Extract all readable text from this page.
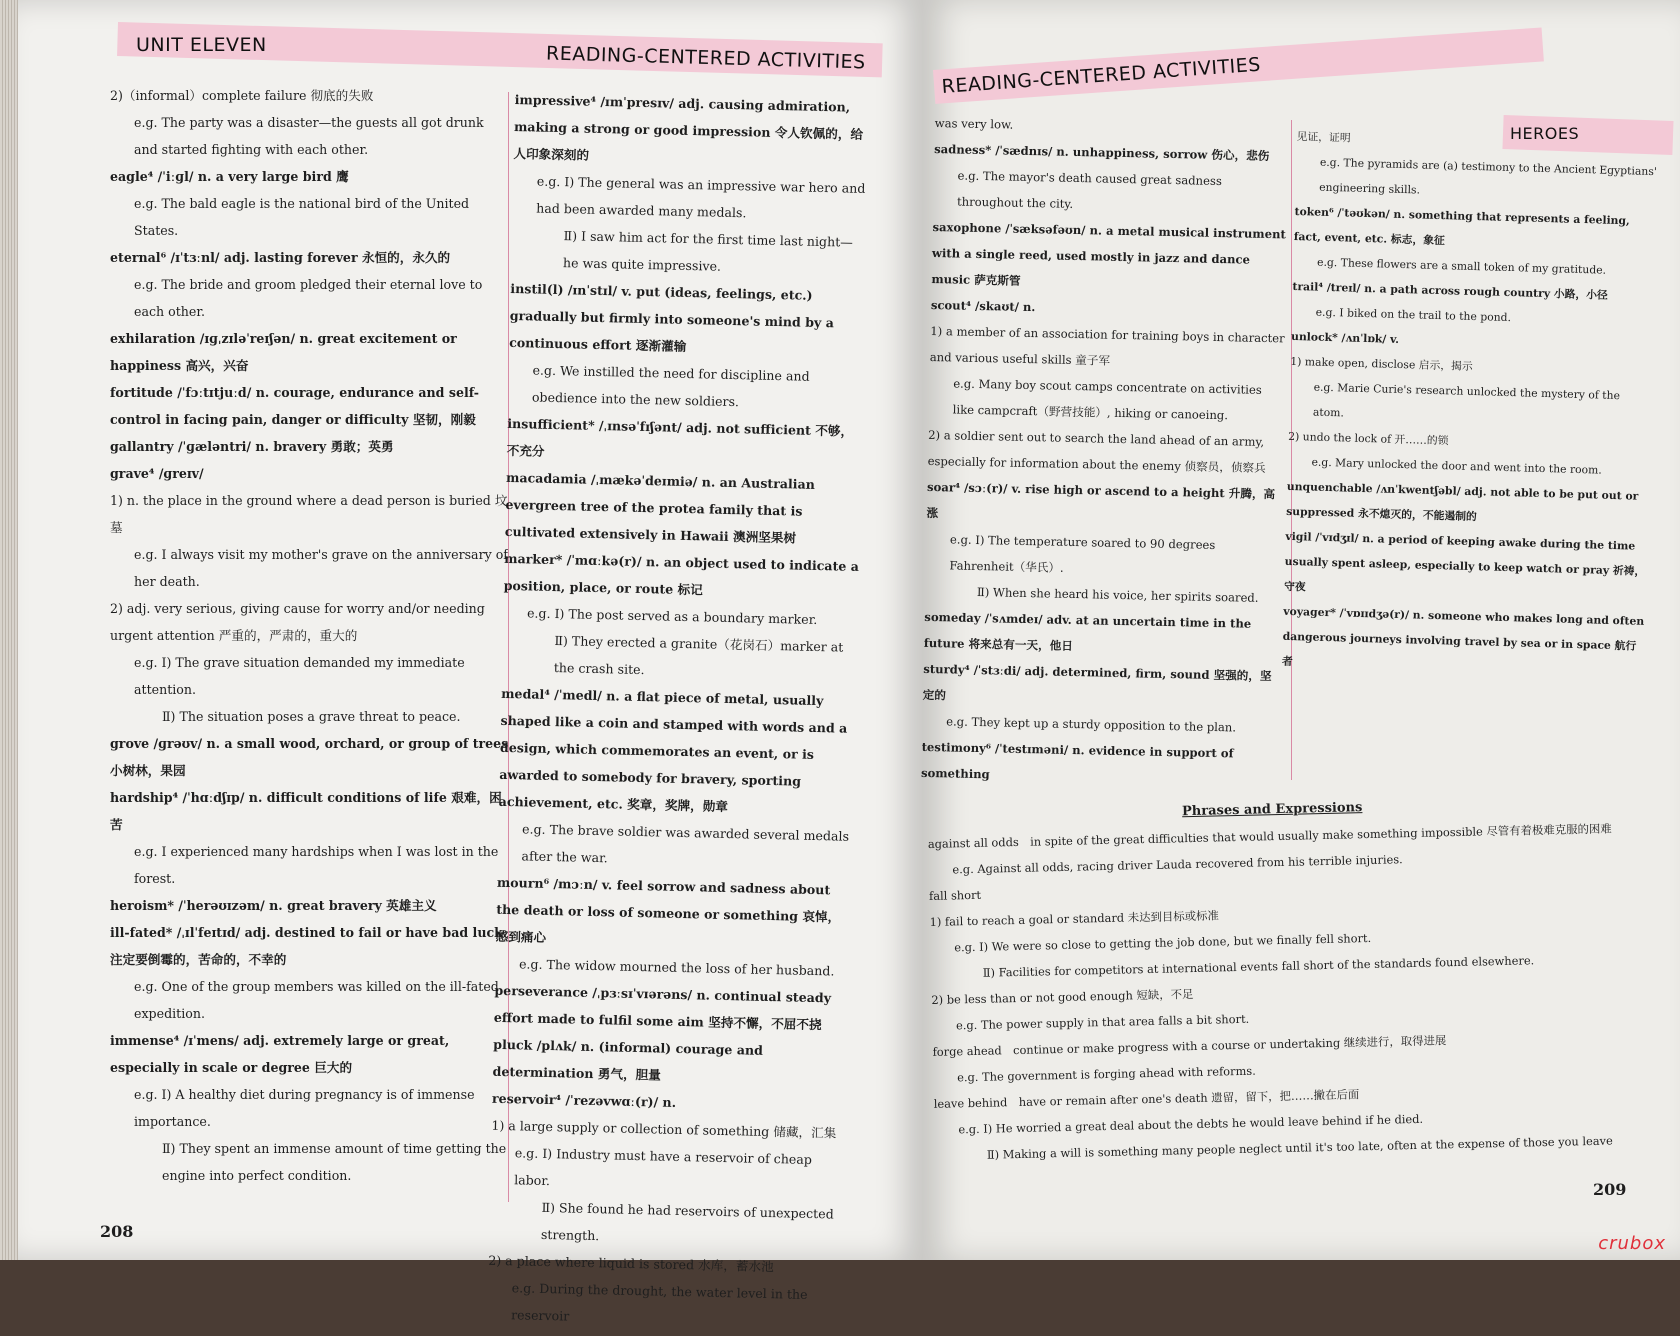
UNIT ELEVEN	READING-CENTERED ACTIVITIES

2)（informal）complete failure 彻底的失败

e.g. The party was a disaster—the guests all got drunk and started fighting with each other.

eagle⁴ /ˈiːɡl/ n. a very large bird 鹰

e.g. The bald eagle is the national bird of the United States.

eternal⁶ /ɪˈtɜːnl/ adj. lasting forever 永恒的，永久的

e.g. The bride and groom pledged their eternal love to each other.

exhilaration /ɪɡˌzɪləˈreɪʃən/ n. great excitement or happiness 高兴，兴奋

fortitude /ˈfɔːtɪtjuːd/ n. courage, endurance and self-control in facing pain, danger or difficulty 坚韧，刚毅

gallantry /ˈɡæləntri/ n. bravery 勇敢；英勇

grave⁴ /ɡreɪv/

1) n. the place in the ground where a dead person is buried 坟墓

e.g. I always visit my mother's grave on the anniversary of her death.

2) adj. very serious, giving cause for worry and/or needing urgent attention 严重的，严肃的，重大的

e.g. Ⅰ) The grave situation demanded my immediate attention.

Ⅱ) The situation poses a grave threat to peace.

grove /ɡrəʊv/ n. a small wood, orchard, or group of trees 小树林，果园

hardship⁴ /ˈhɑːdʃɪp/ n. difficult conditions of life 艰难，困苦

e.g. I experienced many hardships when I was lost in the forest.

heroism* /ˈherəʊɪzəm/ n. great bravery 英雄主义

ill-fated* /ˌɪlˈfeɪtɪd/ adj. destined to fail or have bad luck 注定要倒霉的，苦命的，不幸的

e.g. One of the group members was killed on the ill-fated expedition.

immense⁴ /ɪˈmens/ adj. extremely large or great, especially in scale or degree 巨大的

e.g. Ⅰ) A healthy diet during pregnancy is of immense importance.

Ⅱ) They spent an immense amount of time getting the engine into perfect condition.

impressive⁴ /ɪmˈpresɪv/ adj. causing admiration, making a strong or good impression 令人钦佩的，给人印象深刻的

e.g. Ⅰ) The general was an impressive war hero and had been awarded many medals.

Ⅱ) I saw him act for the first time last night—he was quite impressive.

instil(l) /ɪnˈstɪl/ v. put (ideas, feelings, etc.) gradually but firmly into someone's mind by a continuous effort 逐渐灌输

e.g. We instilled the need for discipline and obedience into the new soldiers.

insufficient* /ˌɪnsəˈfɪʃənt/ adj. not sufficient 不够，不充分

macadamia /ˌmækəˈdeɪmiə/ n. an Australian evergreen tree of the protea family that is cultivated extensively in Hawaii 澳洲坚果树

marker* /ˈmɑːkə(r)/ n. an object used to indicate a position, place, or route 标记

e.g. Ⅰ) The post served as a boundary marker.

Ⅱ) They erected a granite（花岗石）marker at the crash site.

medal⁴ /ˈmedl/ n. a flat piece of metal, usually shaped like a coin and stamped with words and a design, which commemorates an event, or is awarded to somebody for bravery, sporting achievement, etc. 奖章，奖牌，勋章

e.g. The brave soldier was awarded several medals after the war.

mourn⁶ /mɔːn/ v. feel sorrow and sadness about the death or loss of someone or something 哀悼，感到痛心

e.g. The widow mourned the loss of her husband.

perseverance /ˌpɜːsɪˈvɪərəns/ n. continual steady effort made to fulfil some aim 坚持不懈，不屈不挠

pluck /plʌk/ n. (informal) courage and determination 勇气，胆量

reservoir⁴ /ˈrezəvwɑː(r)/ n.

1) a large supply or collection of something 储藏，汇集

e.g. Ⅰ) Industry must have a reservoir of cheap labor.

Ⅱ) She found he had reservoirs of unexpected strength.

2) a place where liquid is stored 水库，蓄水池

e.g. During the drought, the water level in the reservoir

208
READING-CENTERED ACTIVITIES
HEROES

was very low.

sadness* /ˈsædnɪs/ n. unhappiness, sorrow 伤心，悲伤

e.g. The mayor's death caused great sadness throughout the city.

saxophone /ˈsæksəfəʊn/ n. a metal musical instrument with a single reed, used mostly in jazz and dance music 萨克斯管

scout⁴ /skaʊt/ n.

1) a member of an association for training boys in character and various useful skills 童子军

e.g. Many boy scout camps concentrate on activities like campcraft（野营技能）, hiking or canoeing.

2) a soldier sent out to search the land ahead of an army, especially for information about the enemy 侦察员，侦察兵

soar⁴ /sɔː(r)/ v. rise high or ascend to a height 升腾，高涨

e.g. Ⅰ) The temperature soared to 90 degrees Fahrenheit（华氏）.

Ⅱ) When she heard his voice, her spirits soared.

someday /ˈsʌmdeɪ/ adv. at an uncertain time in the future 将来总有一天，他日

sturdy⁴ /ˈstɜːdi/ adj. determined, firm, sound 坚强的，坚定的

e.g. They kept up a sturdy opposition to the plan.

testimony⁶ /ˈtestɪməni/ n. evidence in support of something

见证，证明

e.g. The pyramids are (a) testimony to the Ancient Egyptians' engineering skills.

token⁶ /ˈtəʊkən/ n. something that represents a feeling, fact, event, etc. 标志，象征

e.g. These flowers are a small token of my gratitude.

trail⁴ /treɪl/ n. a path across rough country 小路，小径

e.g. I biked on the trail to the pond.

unlock* /ʌnˈlɒk/ v.

1) make open, disclose 启示，揭示

e.g. Marie Curie's research unlocked the mystery of the atom.

2) undo the lock of 开……的锁

e.g. Mary unlocked the door and went into the room.

unquenchable /ʌnˈkwentʃəbl/ adj. not able to be put out or suppressed 永不熄灭的，不能遏制的

vigil /ˈvɪdʒɪl/ n. a period of keeping awake during the time usually spent asleep, especially to keep watch or pray 祈祷，守夜

voyager* /ˈvɒɪɪdʒə(r)/ n. someone who makes long and often dangerous journeys involving travel by sea or in space 航行者

Phrases and Expressions

against all odds　in spite of the great difficulties that would usually make something impossible 尽管有着极难克服的困难

e.g. Against all odds, racing driver Lauda recovered from his terrible injuries.

fall short

1) fail to reach a goal or standard 未达到目标或标准

e.g. Ⅰ) We were so close to getting the job done, but we finally fell short.

Ⅱ) Facilities for competitors at international events fall short of the standards found elsewhere.

2) be less than or not good enough 短缺，不足

e.g. The power supply in that area falls a bit short.

forge ahead　continue or make progress with a course or undertaking 继续进行，取得进展

e.g. The government is forging ahead with reforms.

leave behind　have or remain after one's death 遗留，留下，把……撇在后面

e.g. Ⅰ) He worried a great deal about the debts he would leave behind if he died.

Ⅱ) Making a will is something many people neglect until it's too late, often at the expense of those you leave

209
crubox
